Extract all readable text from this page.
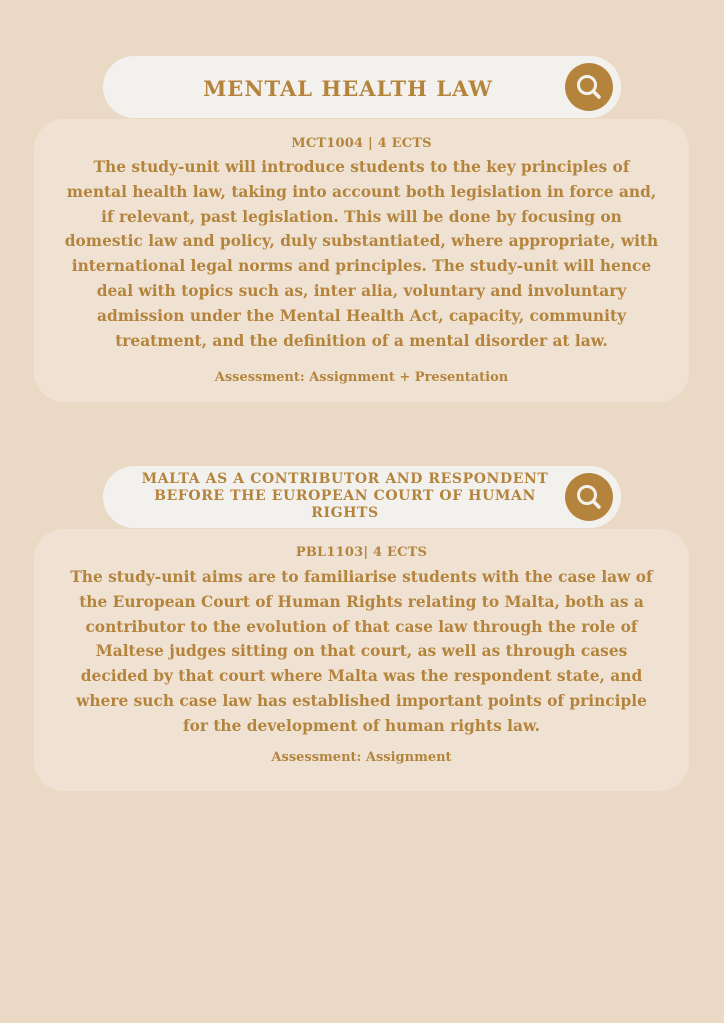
MENTAL HEALTH LAW
MCT1004 | 4 ECTS
The study-unit will introduce students to the key principles of mental health law, taking into account both legislation in force and, if relevant, past legislation. This will be done by focusing on domestic law and policy, duly substantiated, where appropriate, with international legal norms and principles. The study-unit will hence deal with topics such as, inter alia, voluntary and involuntary admission under the Mental Health Act, capacity, community treatment, and the definition of a mental disorder at law.
Assessment: Assignment + Presentation
MALTA AS A CONTRIBUTOR AND RESPONDENT BEFORE THE EUROPEAN COURT OF HUMAN RIGHTS
PBL1103| 4 ECTS
The study-unit aims are to familiarise students with the case law of the European Court of Human Rights relating to Malta, both as a contributor to the evolution of that case law through the role of Maltese judges sitting on that court, as well as through cases decided by that court where Malta was the respondent state, and where such case law has established important points of principle for the development of human rights law.
Assessment: Assignment
